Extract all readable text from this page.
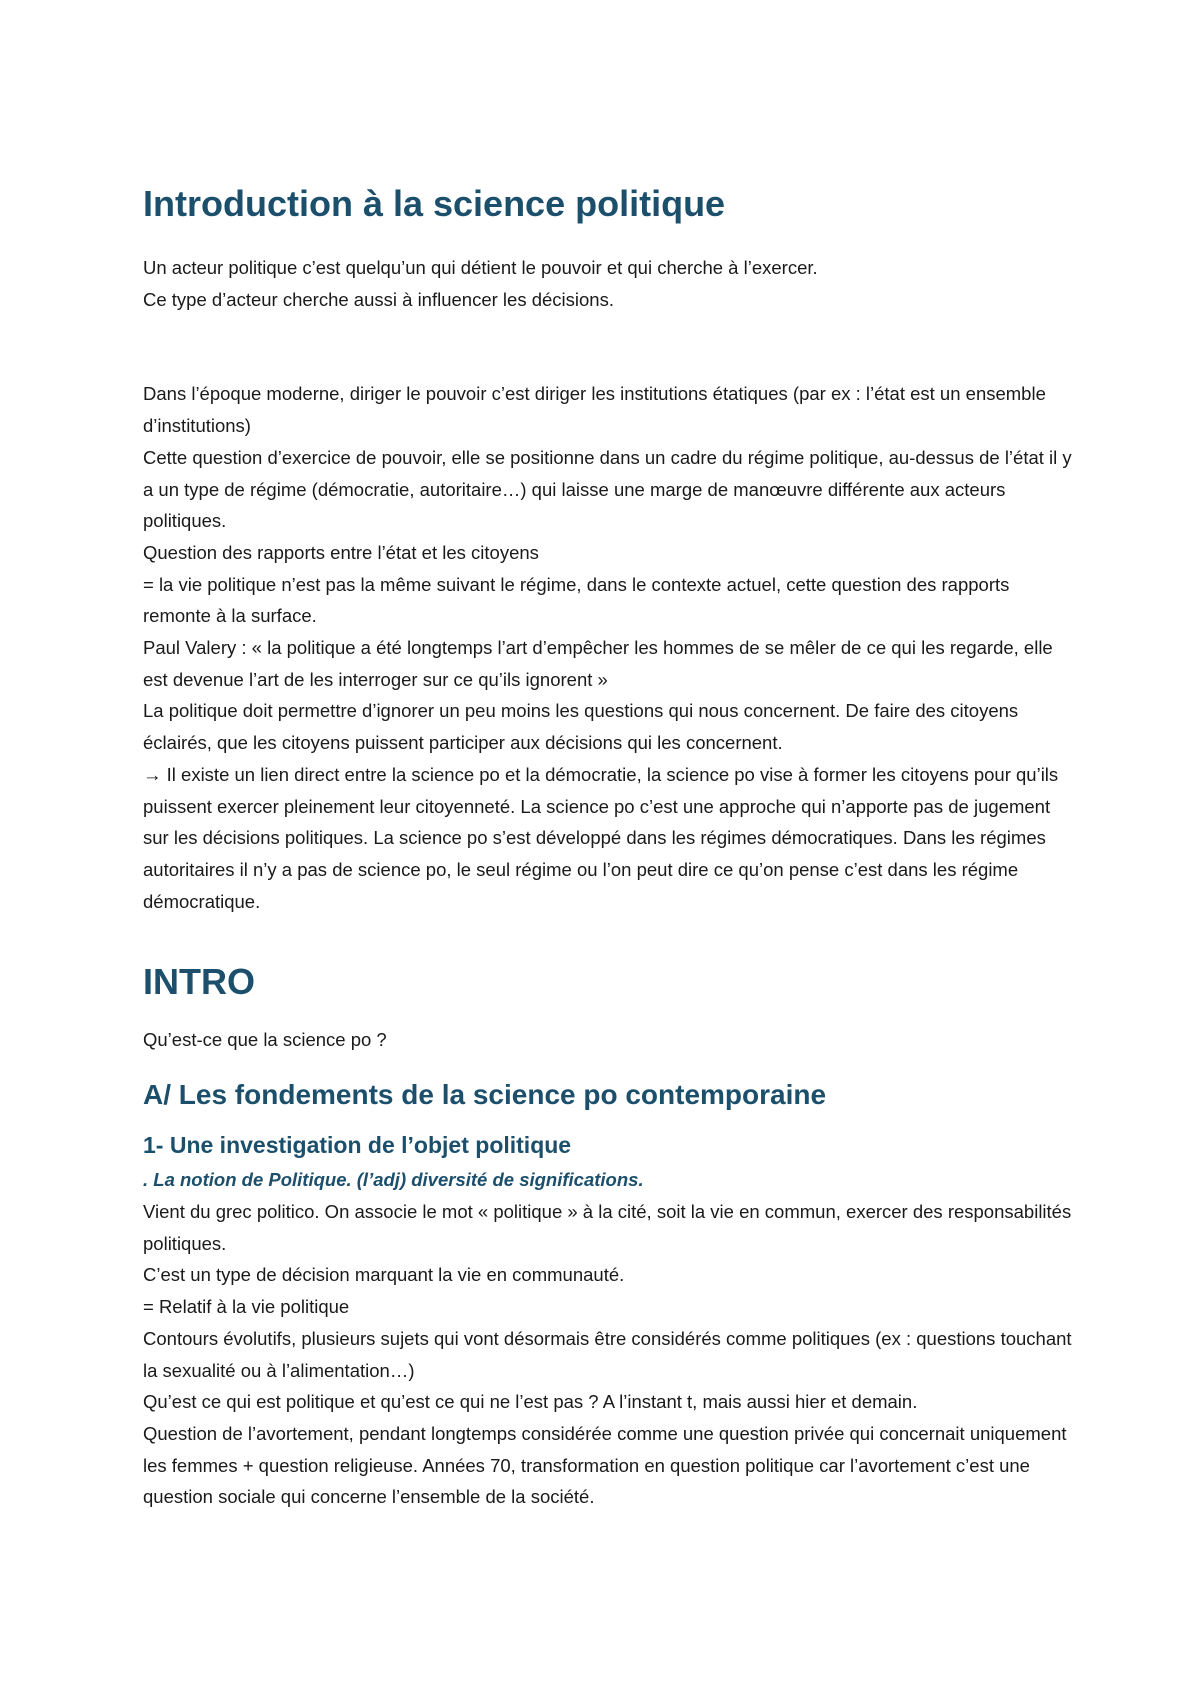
Introduction à la science politique

Un acteur politique c’est quelqu’un qui détient le pouvoir et qui cherche à l’exercer.

Ce type d’acteur cherche aussi à influencer les décisions.

Dans l’époque moderne, diriger le pouvoir c’est diriger les institutions étatiques (par ex : l’état est un ensemble d’institutions)

Cette question d’exercice de pouvoir, elle se positionne dans un cadre du régime politique, au-dessus de l’état il y a un type de régime (démocratie, autoritaire…) qui laisse une marge de manœuvre différente aux acteurs politiques.

Question des rapports entre l’état et les citoyens

= la vie politique n’est pas la même suivant le régime, dans le contexte actuel, cette question des rapports remonte à la surface.

Paul Valery : « la politique a été longtemps l’art d’empêcher les hommes de se mêler de ce qui les regarde, elle est devenue l’art de les interroger sur ce qu’ils ignorent »

La politique doit permettre d’ignorer un peu moins les questions qui nous concernent. De faire des citoyens éclairés, que les citoyens puissent participer aux décisions qui les concernent.

→ Il existe un lien direct entre la science po et la démocratie, la science po vise à former les citoyens pour qu’ils puissent exercer pleinement leur citoyenneté. La science po c’est une approche qui n’apporte pas de jugement sur les décisions politiques. La science po s’est développé dans les régimes démocratiques. Dans les régimes autoritaires il n’y a pas de science po, le seul régime ou l’on peut dire ce qu’on pense c’est dans les régime démocratique.

INTRO

Qu’est-ce que la science po ?

A/ Les fondements de la science po contemporaine
1- Une investigation de l’objet politique
. La notion de Politique. (l’adj) diversité de significations.

Vient du grec politico. On associe le mot « politique » à la cité, soit la vie en commun, exercer des responsabilités politiques.

C’est un type de décision marquant la vie en communauté.

= Relatif à la vie politique

Contours évolutifs, plusieurs sujets qui vont désormais être considérés comme politiques (ex : questions touchant la sexualité ou à l’alimentation…)

Qu’est ce qui est politique et qu’est ce qui ne l’est pas ? A l’instant t, mais aussi hier et demain.

Question de l’avortement, pendant longtemps considérée comme une question privée qui concernait uniquement les femmes + question religieuse. Années 70, transformation en question politique car l’avortement c’est une question sociale qui concerne l’ensemble de la société.
